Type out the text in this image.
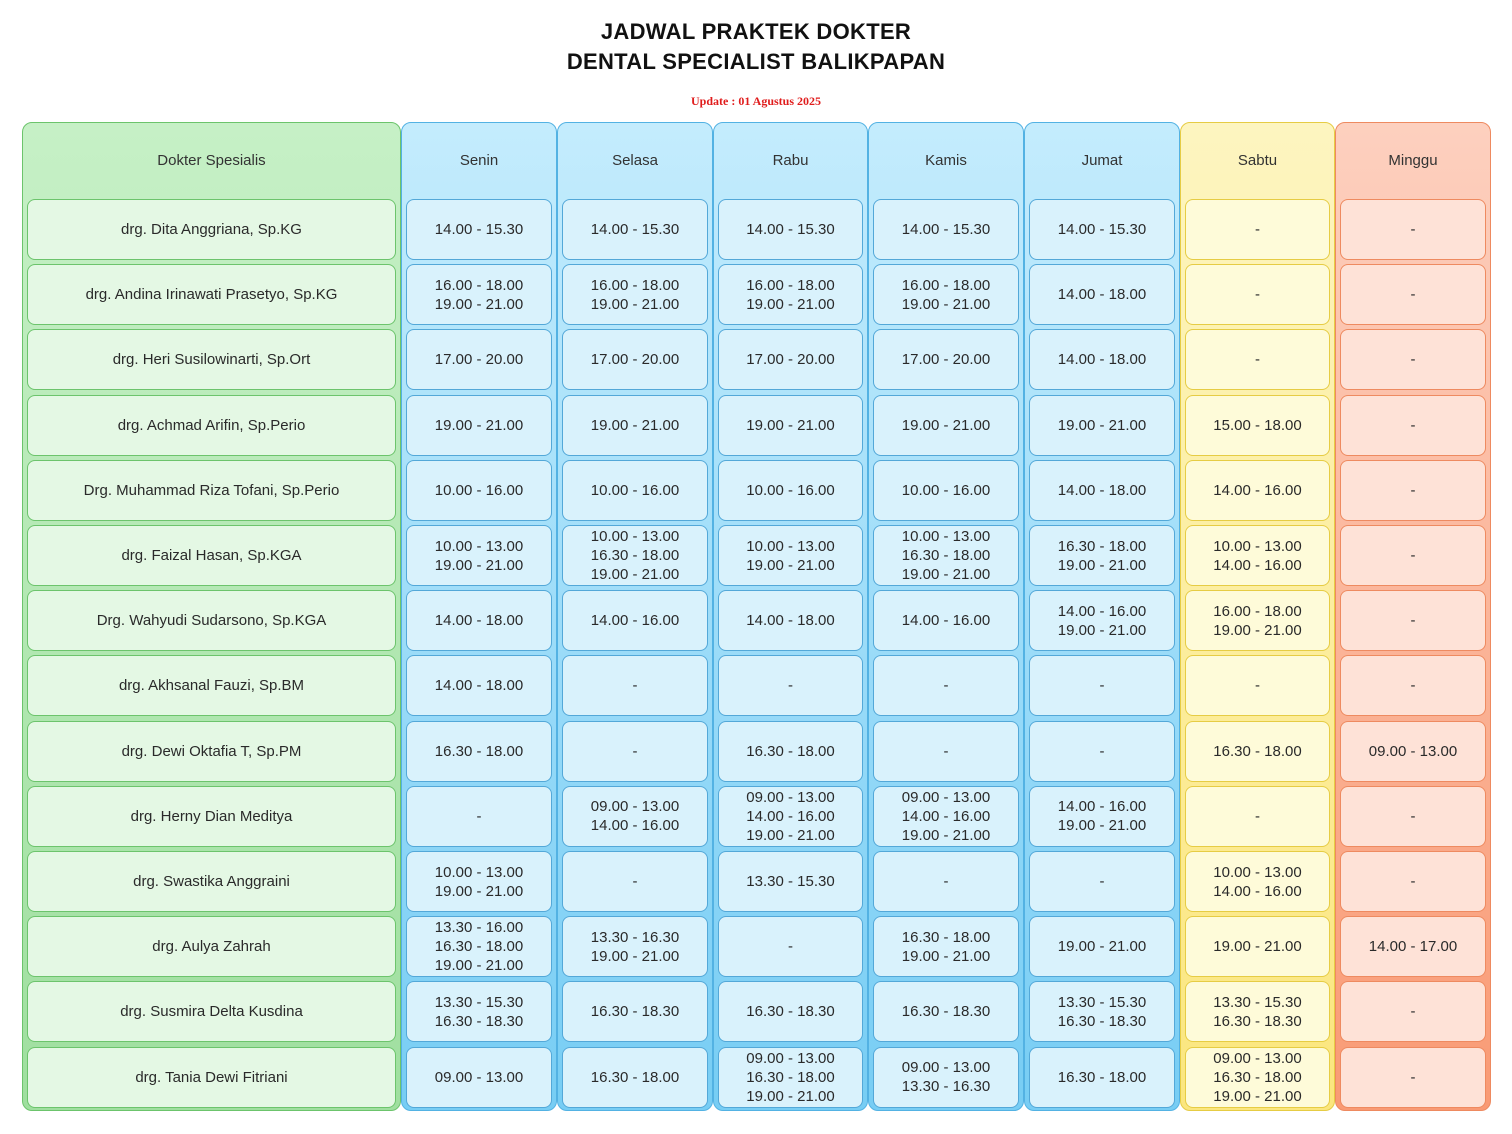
JADWAL PRAKTEK DOKTER
DENTAL SPECIALIST BALIKPAPAN
Update : 01 Agustus 2025
Dokter Spesialis
drg. Dita Anggriana, Sp.KG
drg. Andina Irinawati Prasetyo, Sp.KG
drg. Heri Susilowinarti, Sp.Ort
drg. Achmad Arifin, Sp.Perio
Drg. Muhammad Riza Tofani, Sp.Perio
drg. Faizal Hasan, Sp.KGA
Drg. Wahyudi Sudarsono, Sp.KGA
drg. Akhsanal Fauzi, Sp.BM
drg. Dewi Oktafia T, Sp.PM
drg. Herny Dian Meditya
drg. Swastika Anggraini
drg. Aulya Zahrah
drg. Susmira Delta Kusdina
drg. Tania Dewi Fitriani
Senin
14.00 - 15.30
16.00 - 18.00
19.00 - 21.00
17.00 - 20.00
19.00 - 21.00
10.00 - 16.00
10.00 - 13.00
19.00 - 21.00
14.00 - 18.00
14.00 - 18.00
16.30 - 18.00
-
10.00 - 13.00
19.00 - 21.00
13.30 - 16.00
16.30 - 18.00
19.00 - 21.00
13.30 - 15.30
16.30 - 18.30
09.00 - 13.00
Selasa
14.00 - 15.30
16.00 - 18.00
19.00 - 21.00
17.00 - 20.00
19.00 - 21.00
10.00 - 16.00
10.00 - 13.00
16.30 - 18.00
19.00 - 21.00
14.00 - 16.00
-
-
09.00 - 13.00
14.00 - 16.00
-
13.30 - 16.30
19.00 - 21.00
16.30 - 18.30
16.30 - 18.00
Rabu
14.00 - 15.30
16.00 - 18.00
19.00 - 21.00
17.00 - 20.00
19.00 - 21.00
10.00 - 16.00
10.00 - 13.00
19.00 - 21.00
14.00 - 18.00
-
16.30 - 18.00
09.00 - 13.00
14.00 - 16.00
19.00 - 21.00
13.30 - 15.30
-
16.30 - 18.30
09.00 - 13.00
16.30 - 18.00
19.00 - 21.00
Kamis
14.00 - 15.30
16.00 - 18.00
19.00 - 21.00
17.00 - 20.00
19.00 - 21.00
10.00 - 16.00
10.00 - 13.00
16.30 - 18.00
19.00 - 21.00
14.00 - 16.00
-
-
09.00 - 13.00
14.00 - 16.00
19.00 - 21.00
-
16.30 - 18.00
19.00 - 21.00
16.30 - 18.30
09.00 - 13.00
13.30 - 16.30
Jumat
14.00 - 15.30
14.00 - 18.00
14.00 - 18.00
19.00 - 21.00
14.00 - 18.00
16.30 - 18.00
19.00 - 21.00
14.00 - 16.00
19.00 - 21.00
-
-
14.00 - 16.00
19.00 - 21.00
-
19.00 - 21.00
13.30 - 15.30
16.30 - 18.30
16.30 - 18.00
Sabtu
-
-
-
15.00 - 18.00
14.00 - 16.00
10.00 - 13.00
14.00 - 16.00
16.00 - 18.00
19.00 - 21.00
-
16.30 - 18.00
-
10.00 - 13.00
14.00 - 16.00
19.00 - 21.00
13.30 - 15.30
16.30 - 18.30
09.00 - 13.00
16.30 - 18.00
19.00 - 21.00
Minggu
-
-
-
-
-
-
-
-
09.00 - 13.00
-
-
14.00 - 17.00
-
-
